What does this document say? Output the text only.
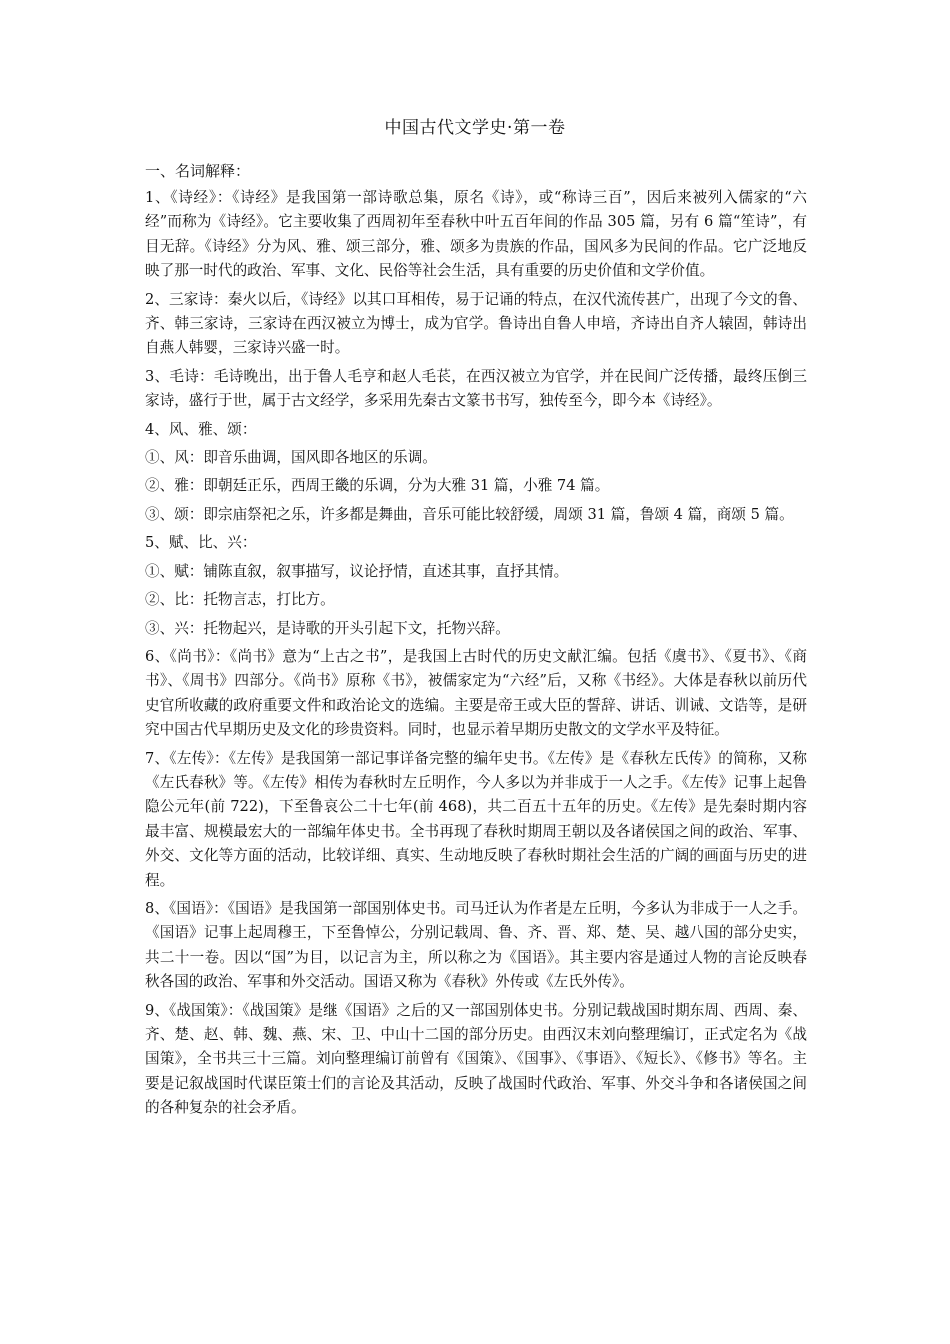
中国古代文学史·第一卷

一、名词解释：

1、《诗经》：《诗经》是我国第一部诗歌总集，原名《诗》，或“称诗三百”，因后来被列入儒家的“六经”而称为《诗经》。它主要收集了西周初年至春秋中叶五百年间的作品 305 篇，另有 6 篇“笙诗”，有目无辞。《诗经》分为风、雅、颂三部分，雅、颂多为贵族的作品，国风多为民间的作品。它广泛地反映了那一时代的政治、军事、文化、民俗等社会生活，具有重要的历史价值和文学价值。

2、三家诗：秦火以后，《诗经》以其口耳相传，易于记诵的特点，在汉代流传甚广，出现了今文的鲁、齐、韩三家诗，三家诗在西汉被立为博士，成为官学。鲁诗出自鲁人申培，齐诗出自齐人辕固，韩诗出自燕人韩婴，三家诗兴盛一时。

3、毛诗：毛诗晚出，出于鲁人毛亨和赵人毛苌，在西汉被立为官学，并在民间广泛传播，最终压倒三家诗，盛行于世，属于古文经学，多采用先秦古文篆书书写，独传至今，即今本《诗经》。

4、风、雅、颂：

①、风：即音乐曲调，国风即各地区的乐调。

②、雅：即朝廷正乐，西周王畿的乐调，分为大雅 31 篇，小雅 74 篇。

③、颂：即宗庙祭祀之乐，许多都是舞曲，音乐可能比较舒缓，周颂 31 篇，鲁颂 4 篇，商颂 5 篇。

5、赋、比、兴：

①、赋：铺陈直叙，叙事描写，议论抒情，直述其事，直抒其情。

②、比：托物言志，打比方。

③、兴：托物起兴，是诗歌的开头引起下文，托物兴辞。

6、《尚书》：《尚书》意为“上古之书”，是我国上古时代的历史文献汇编。包括《虞书》、《夏书》、《商书》、《周书》四部分。《尚书》原称《书》，被儒家定为“六经”后，又称《书经》。大体是春秋以前历代史官所收藏的政府重要文件和政治论文的选编。主要是帝王或大臣的誓辞、讲话、训诫、文诰等，是研究中国古代早期历史及文化的珍贵资料。同时，也显示着早期历史散文的文学水平及特征。

7、《左传》：《左传》是我国第一部记事详备完整的编年史书。《左传》是《春秋左氏传》的简称，又称《左氏春秋》等。《左传》相传为春秋时左丘明作，今人多以为并非成于一人之手。《左传》记事上起鲁隐公元年(前 722)，下至鲁哀公二十七年(前 468)，共二百五十五年的历史。《左传》是先秦时期内容最丰富、规模最宏大的一部编年体史书。全书再现了春秋时期周王朝以及各诸侯国之间的政治、军事、外交、文化等方面的活动，比较详细、真实、生动地反映了春秋时期社会生活的广阔的画面与历史的进程。

8、《国语》：《国语》是我国第一部国别体史书。司马迁认为作者是左丘明，今多认为非成于一人之手。《国语》记事上起周穆王，下至鲁悼公，分别记载周、鲁、齐、晋、郑、楚、吴、越八国的部分史实，共二十一卷。因以“国”为目，以记言为主，所以称之为《国语》。其主要内容是通过人物的言论反映春秋各国的政治、军事和外交活动。国语又称为《春秋》外传或《左氏外传》。

9、《战国策》：《战国策》是继《国语》之后的又一部国别体史书。分别记载战国时期东周、西周、秦、齐、楚、赵、韩、魏、燕、宋、卫、中山十二国的部分历史。由西汉末刘向整理编订，正式定名为《战国策》，全书共三十三篇。刘向整理编订前曾有《国策》、《国事》、《事语》、《短长》、《修书》等名。主要是记叙战国时代谋臣策士们的言论及其活动，反映了战国时代政治、军事、外交斗争和各诸侯国之间的各种复杂的社会矛盾。
